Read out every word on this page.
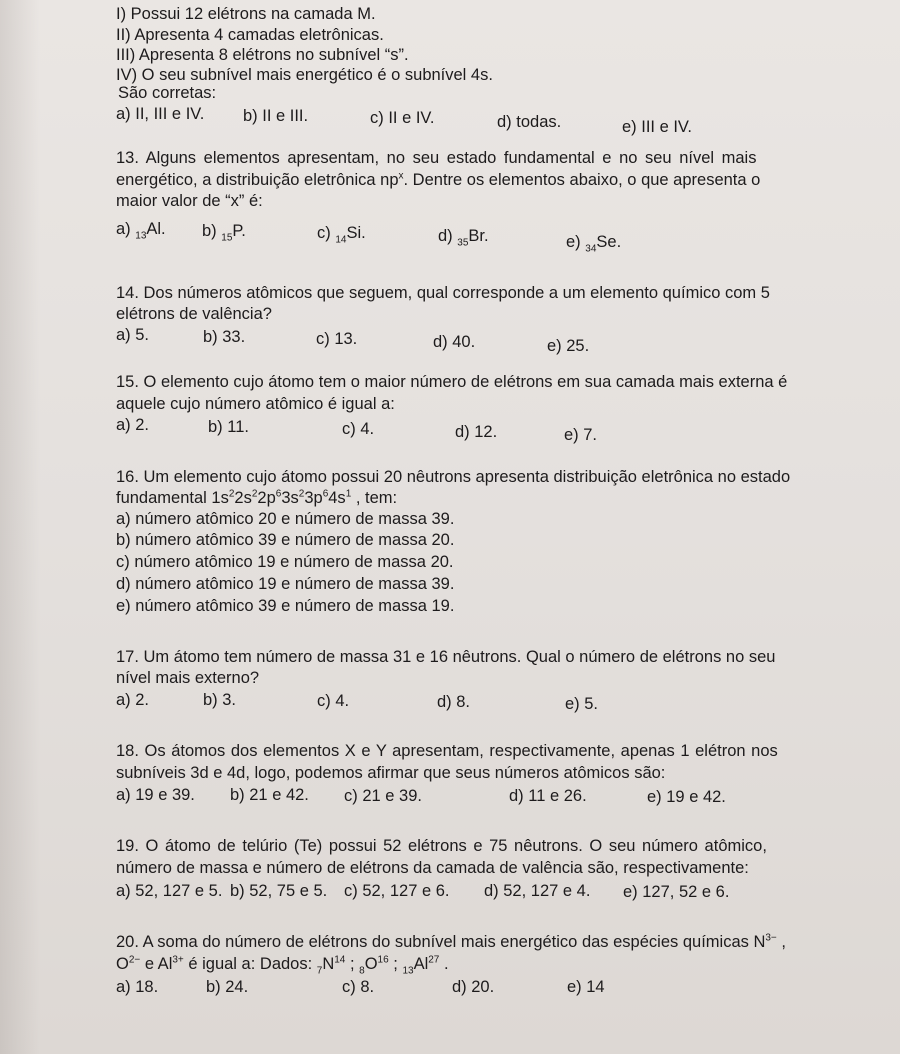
I) Possui 12 elétrons na camada M.
II) Apresenta 4 camadas eletrônicas.
III) Apresenta 8 elétrons no subnível “s”.
IV) O seu subnível mais energético é o subnível 4s.
São corretas:
a) II, III e IV. b) II e III.	c) II e IV.	d) todas.	e) III e IV.
13. Alguns elementos apresentam, no seu estado fundamental e no seu nível mais
energético, a distribuição eletrônica $np^x$. Dentre os elementos abaixo, o que apresenta o
maior valor de “x” é:
a) $_{13}$Al. b) $_{15}$P.	c) $_{14}$Si.	d) $_{35}$Br.	e) $_{34}$Se.
14. Dos números atômicos que seguem, qual corresponde a um elemento químico com 5
elétrons de valência?
a) 5.	b) 33.	c) 13.	d) 40.	e) 25.
15. O elemento cujo átomo tem o maior número de elétrons em sua camada mais externa é
aquele cujo número atômico é igual a:
a) 2.	b) 11.	c) 4.	d) 12.	e) 7.
16. Um elemento cujo átomo possui 20 nêutrons apresenta distribuição eletrônica no estado
fundamental $1s^22s^22p^63s^23p^64s^1$ , tem:
a) número atômico 20 e número de massa 39.
b) número atômico 39 e número de massa 20.
c) número atômico 19 e número de massa 20.
d) número atômico 19 e número de massa 39.
e) número atômico 39 e número de massa 19.
17. Um átomo tem número de massa 31 e 16 nêutrons. Qual o número de elétrons no seu
nível mais externo?
a) 2.	b) 3.	c) 4.	d) 8.	e) 5.
18. Os átomos dos elementos X e Y apresentam, respectivamente, apenas 1 elétron nos
subníveis 3d e 4d, logo, podemos afirmar que seus números atômicos são:
a) 19 e 39. b) 21 e 42. c) 21 e 39.	d) 11 e 26.	e) 19 e 42.
19. O átomo de telúrio (Te) possui 52 elétrons e 75 nêutrons. O seu número atômico,
número de massa e número de elétrons da camada de valência são, respectivamente:
a) 52, 127 e 5. b) 52, 75 e 5. c) 52, 127 e 6. d) 52, 127 e 4. e) 127, 52 e 6.
20. A soma do número de elétrons do subnível mais energético das espécies químicas $N^{3-}$ ,
$O^{2-}$ e $Al^{3+}$ é igual a: Dados: $_7N^{14}$ ; $_8O^{16}$ ; $_{13}Al^{27}$ .
a) 18.	b) 24.	c) 8.	d) 20.	e) 14
